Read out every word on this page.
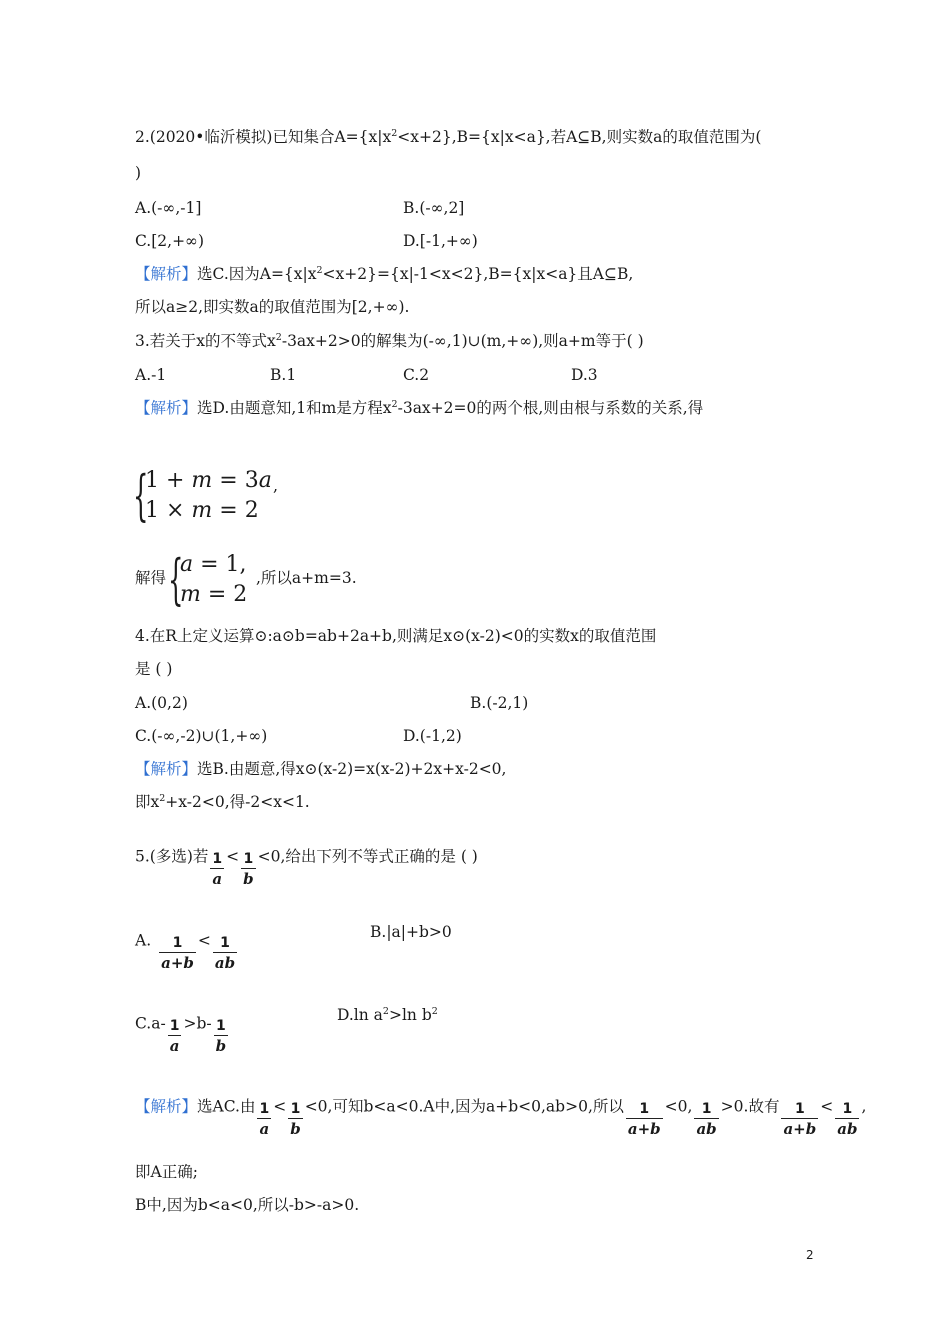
2.(2020•临沂模拟)已知集合$A=\{x|x^2<x+2\},B=\{x|x<a\}$,若A⊆B,则实数a的取值范围为(
)
A.(-∞,-1]	B.(-∞,2]
C.[2,+∞)	D.[-1,+∞)
【解析】选C.因为$A=\{x|x^2<x+2\}=\{x|-1<x<2\},B=\{x|x<a\}$且A⊆B,
所以a≥2,即实数a的取值范围为[2,+∞).
3.若关于x的不等式$x^2-3ax+2>0$的解集为(-∞,1)∪(m,+∞),则a+m等于( )
A.-1	B.1	C.2	D.3
【解析】选D.由题意知,1和m是方程$x^2-3ax+2=0$的两个根,则由根与系数的关系,得
{
1 + m = 3a
1 × m = 2
,
解得 {
a = 1,
m = 2
,所以a+m=3.
4.在R上定义运算⊙:a⊙b=ab+2a+b,则满足x⊙(x-2)<0的实数x的取值范围
是 ( )
A.(0,2)	B.(-2,1)
C.(-∞,-2)∪(1,+∞)	D.(-1,2)
【解析】选B.由题意,得x⊙(x-2)=x(x-2)+2x+x-2<0,
即$x^2+x-2<0$,得-2<x<1.
5.(多选)若 $\frac{1}{a} < \frac{1}{b} <0$,给出下列不等式正确的是 ( )
A. $\frac{1}{a+b} < \frac{1}{ab}$
B.|a|+b>0
$C.a- \frac{1}{a} >b- \frac{1}{b}$
D.ln $a^2>\ln$ $b^2$
【解析】选AC.由 $\frac{1}{a} < \frac{1}{b} <0$,可知b<a<0.A中,因为a+b<0,ab>0,所以 $\frac{1}{a+b} <0$, $\frac{1}{ab} >0$.故有 $\frac{1}{a+b} < \frac{1}{ab}$ ,
即A正确;
B中,因为b<a<0,所以-b>-a>0.
2
